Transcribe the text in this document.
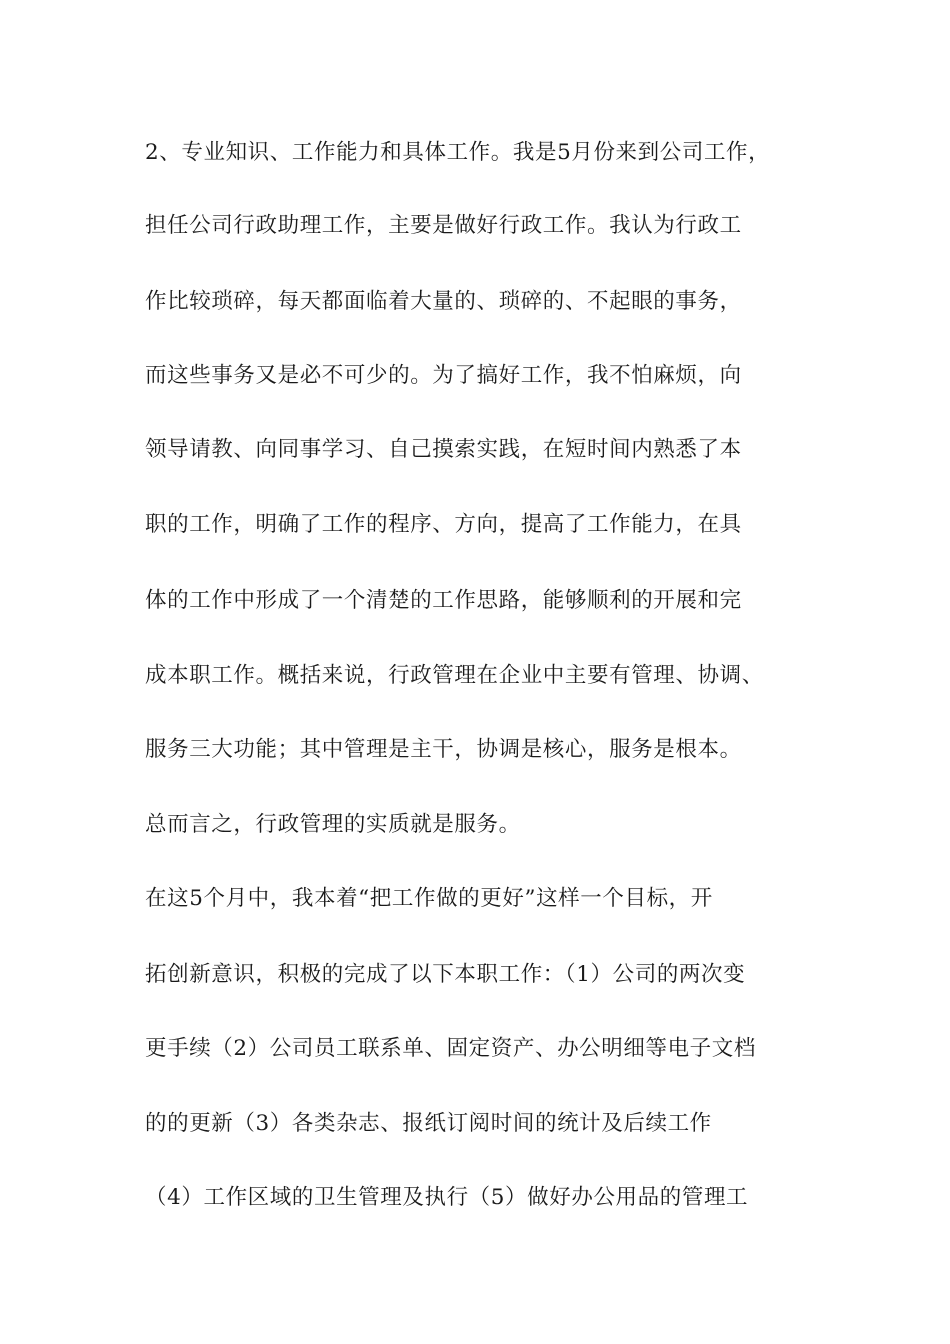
2、专业知识、工作能力和具体工作。我是5月份来到公司工作，
担任公司行政助理工作，主要是做好行政工作。我认为行政工
作比较琐碎，每天都面临着大量的、琐碎的、不起眼的事务，
而这些事务又是必不可少的。为了搞好工作，我不怕麻烦，向
领导请教、向同事学习、自己摸索实践，在短时间内熟悉了本
职的工作，明确了工作的程序、方向，提高了工作能力，在具
体的工作中形成了一个清楚的工作思路，能够顺利的开展和完
成本职工作。概括来说，行政管理在企业中主要有管理、协调、
服务三大功能；其中管理是主干，协调是核心，服务是根本。
总而言之，行政管理的实质就是服务。
在这5个月中，我本着“把工作做的更好”这样一个目标，开
拓创新意识，积极的完成了以下本职工作：（1）公司的两次变
更手续（2）公司员工联系单、固定资产、办公明细等电子文档
的的更新（3）各类杂志、报纸订阅时间的统计及后续工作
（4）工作区域的卫生管理及执行（5）做好办公用品的管理工
